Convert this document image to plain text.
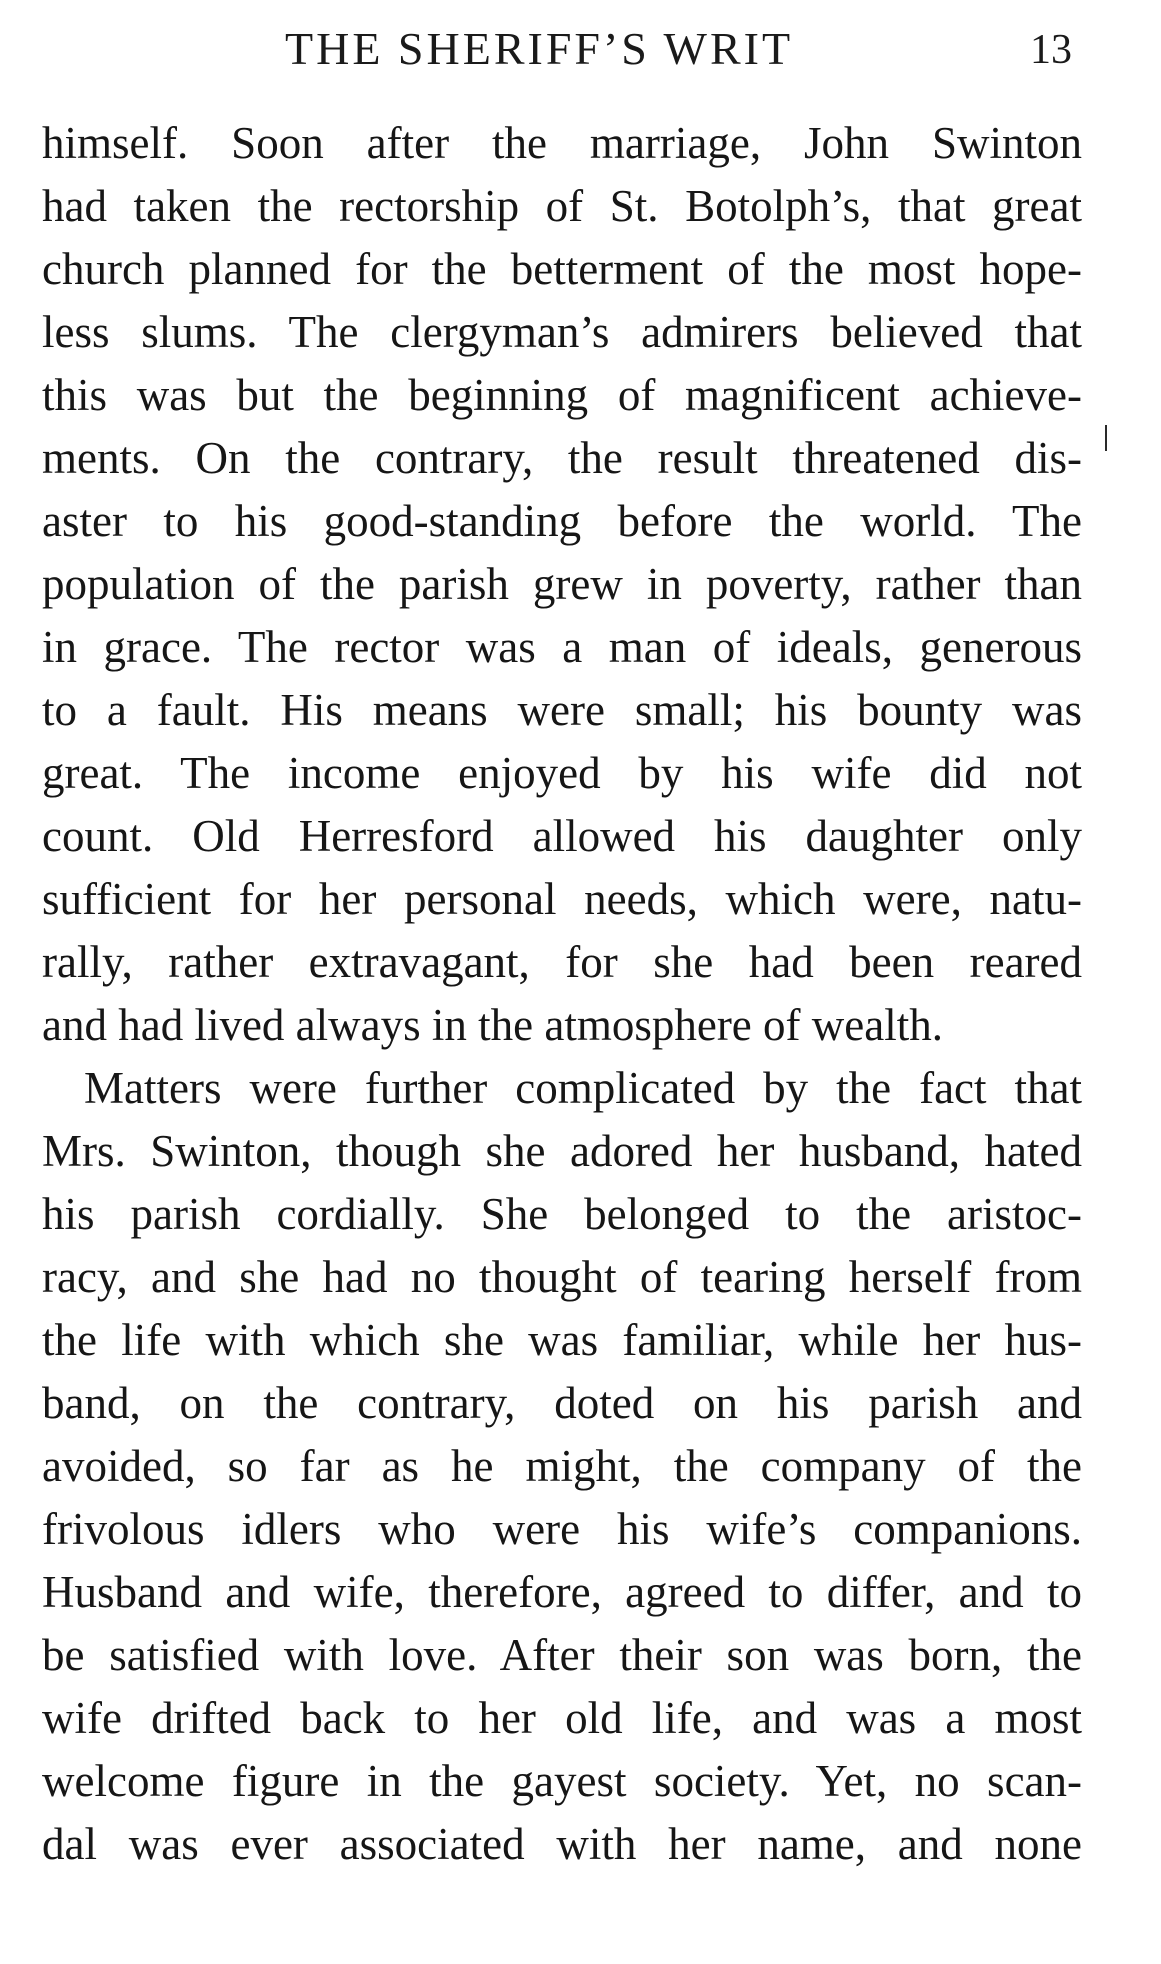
THE SHERIFF’S WRIT	13
himself. Soon after the marriage, John Swinton
had taken the rectorship of St. Botolph’s, that great
church planned for the betterment of the most hope-
less slums. The clergyman’s admirers believed that
this was but the beginning of magnificent achieve-
ments. On the contrary, the result threatened dis-
aster to his good-standing before the world. The
population of the parish grew in poverty, rather than
in grace. The rector was a man of ideals, generous
to a fault. His means were small; his bounty was
great. The income enjoyed by his wife did not
count. Old Herresford allowed his daughter only
sufficient for her personal needs, which were, natu-
rally, rather extravagant, for she had been reared
and had lived always in the atmosphere of wealth.
Matters were further complicated by the fact that
Mrs. Swinton, though she adored her husband, hated
his parish cordially. She belonged to the aristoc-
racy, and she had no thought of tearing herself from
the life with which she was familiar, while her hus-
band, on the contrary, doted on his parish and
avoided, so far as he might, the company of the
frivolous idlers who were his wife’s companions.
Husband and wife, therefore, agreed to differ, and to
be satisfied with love. After their son was born, the
wife drifted back to her old life, and was a most
welcome figure in the gayest society. Yet, no scan-
dal was ever associated with her name, and none
